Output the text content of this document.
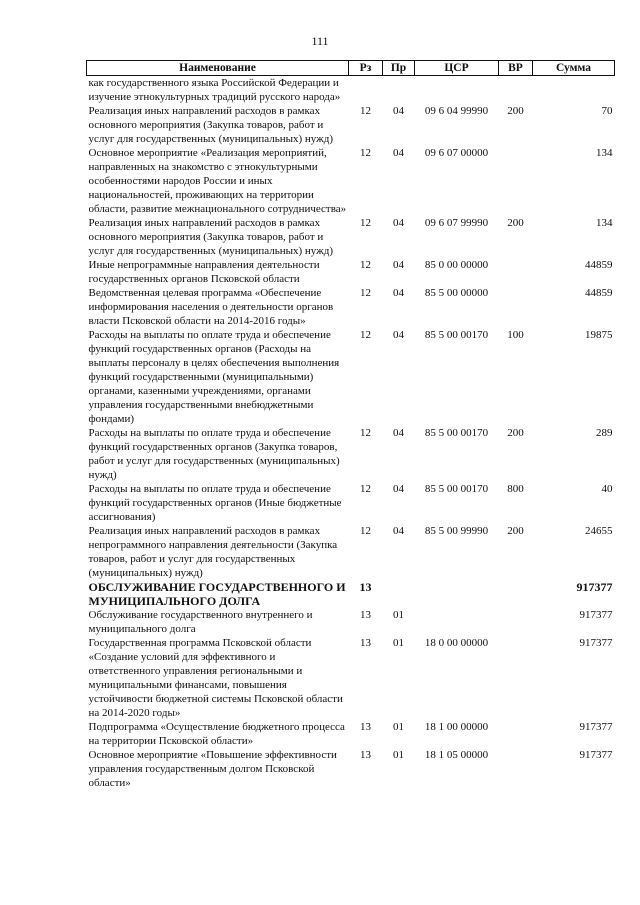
111
Наименование	Рз	Пр	ЦСР	ВР	Сумма
как государственного языка Российской Федерации и изучение этнокультурных традиций русского народа»					
Реализация иных направлений расходов в рамках основного мероприятия (Закупка товаров, работ и услуг для государственных (муниципальных) нужд)	12	04	09 6 04 99990	200	70
Основное мероприятие «Реализация мероприятий, направленных на знакомство с этнокультурными особенностями народов России и иных национальностей, проживающих на территории области, развитие межнационального сотрудничества»	12	04	09 6 07 00000		134
Реализация иных направлений расходов в рамках основного мероприятия (Закупка товаров, работ и услуг для государственных (муниципальных) нужд)	12	04	09 6 07 99990	200	134
Иные непрограммные направления деятельности государственных органов Псковской области	12	04	85 0 00 00000		44859
Ведомственная целевая программа «Обеспечение информирования населения о деятельности органов власти Псковской области на 2014-2016 годы»	12	04	85 5 00 00000		44859
Расходы на выплаты по оплате труда и обеспечение функций государственных органов (Расходы на выплаты персоналу в целях обеспечения выполнения функций государственными (муниципальными) органами, казенными учреждениями, органами управления государственными внебюджетными фондами)	12	04	85 5 00 00170	100	19875
Расходы на выплаты по оплате труда и обеспечение функций государственных органов (Закупка товаров, работ и услуг для государственных (муниципальных) нужд)	12	04	85 5 00 00170	200	289
Расходы на выплаты по оплате труда и обеспечение функций государственных органов (Иные бюджетные ассигнования)	12	04	85 5 00 00170	800	40
Реализация иных направлений расходов в рамках непрограммного направления деятельности (Закупка товаров, работ и услуг для государственных (муниципальных) нужд)	12	04	85 5 00 99990	200	24655
ОБСЛУЖИВАНИЕ ГОСУДАРСТВЕННОГО И МУНИЦИПАЛЬНОГО ДОЛГА	13				917377
Обслуживание государственного внутреннего и муниципального долга	13	01			917377
Государственная программа Псковской области «Создание условий для эффективного и ответственного управления региональными и муниципальными финансами, повышения устойчивости бюджетной системы Псковской области на 2014-2020 годы»	13	01	18 0 00 00000		917377
Подпрограмма «Осуществление бюджетного процесса на территории Псковской области»	13	01	18 1 00 00000		917377
Основное мероприятие «Повышение эффективности управления государственным долгом Псковской области»	13	01	18 1 05 00000		917377
